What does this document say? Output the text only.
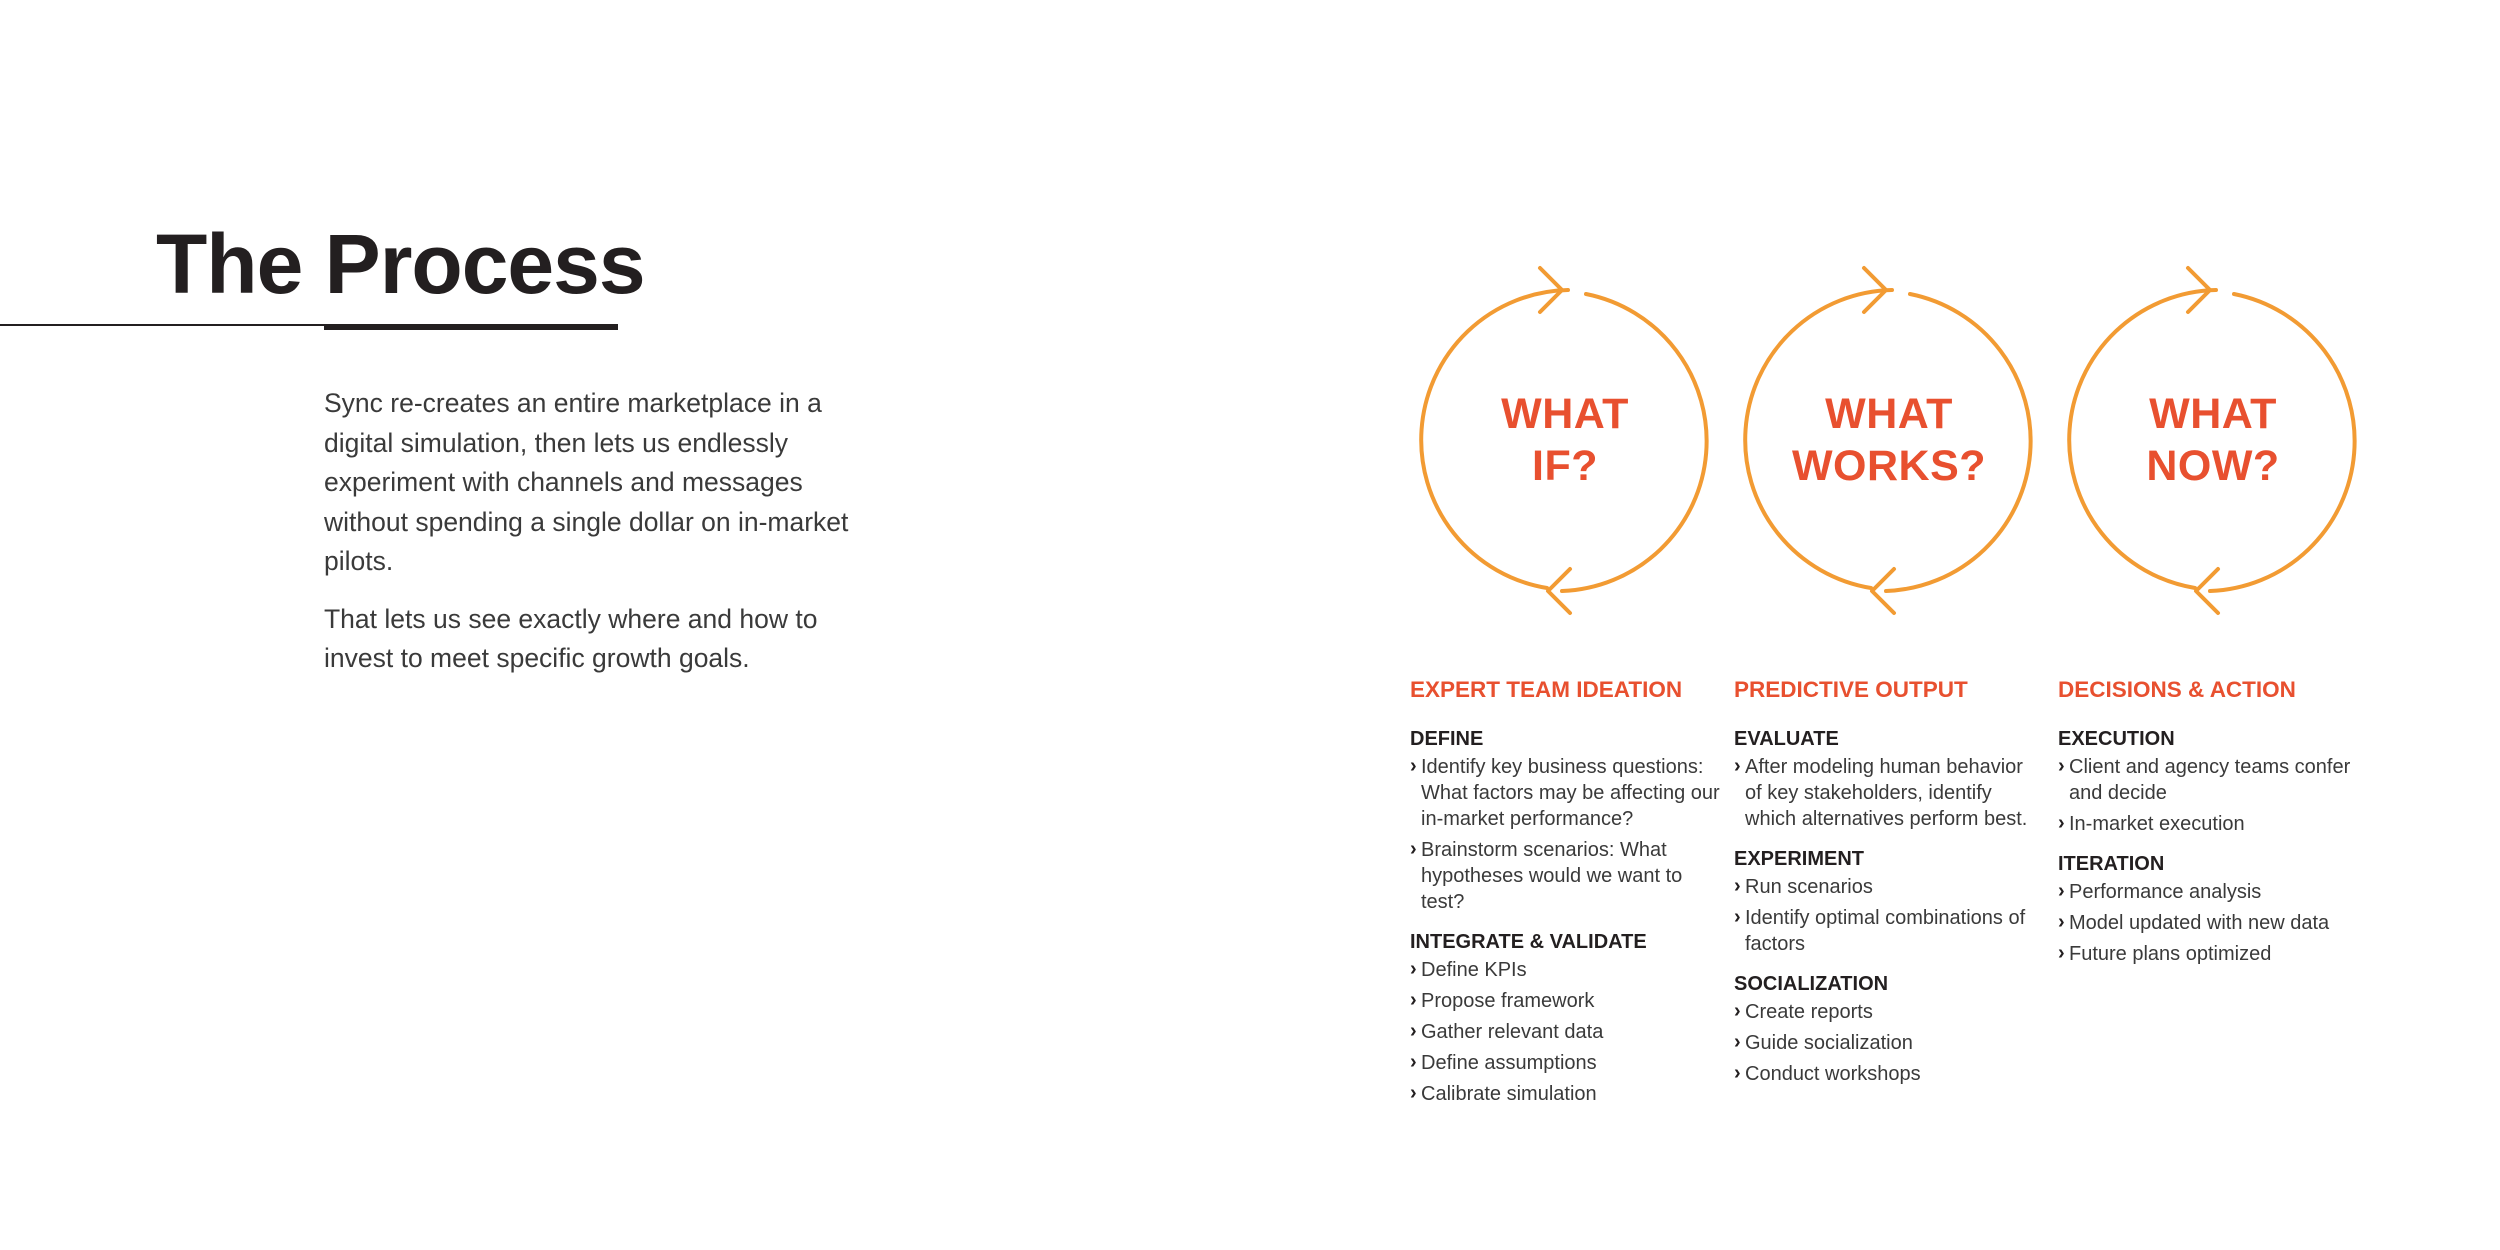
The Process

Sync re-creates an entire marketplace in a digital simulation, then lets us endlessly experiment with channels and messages without spending a single dollar on in-market pilots.

That lets us see exactly where and how to invest to meet specific growth goals.

WHAT
IF?
WHAT
WORKS?
WHAT
NOW?
EXPERT TEAM IDEATION
DEFINE
› Identify key business questions: What factors may be affecting our in-market performance?
› Brainstorm scenarios: What hypotheses would we want to test?
INTEGRATE & VALIDATE
› Define KPIs
› Propose framework
› Gather relevant data
› Define assumptions
› Calibrate simulation
PREDICTIVE OUTPUT
EVALUATE
› After modeling human behavior of key stakeholders, identify which alternatives perform best.
EXPERIMENT
› Run scenarios
› Identify optimal combinations of factors
SOCIALIZATION
› Create reports
› Guide socialization
› Conduct workshops
DECISIONS & ACTION
EXECUTION
› Client and agency teams confer and decide
› In-market execution
ITERATION
› Performance analysis
› Model updated with new data
› Future plans optimized
